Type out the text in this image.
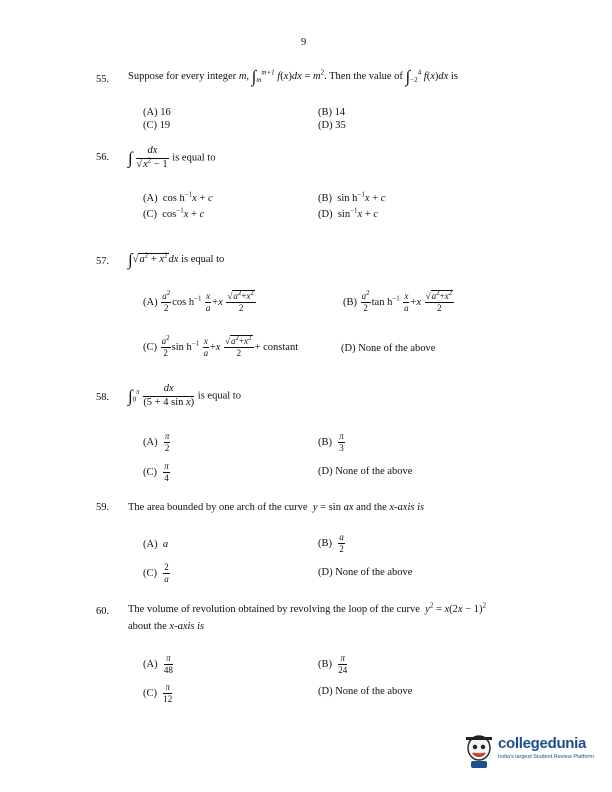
9
55. Suppose for every integer m, $\int_m^{m+1}$ $f(x)dx = m^2$. Then the value of $\int_{-2}^4$ f(x)dx is
(A) 16	(B) 14
(C) 19	(D) 35
56. ∫ $\frac{dx}{√x^2 - 1}$ is equal to
(A) $\cos h^{-1}x + c$	(B) $\sin h^{-1}x + c$
(C) $\cos^{-1}x + c$	(D) $\sin^{-1}x + c$
57. $\int√a^2 + x^2dx$ is equal to
$(A) \frac{a^2}{2}$ $\cos h^{-1} \frac{x}{a} +x \frac{√a^2+x^2}{2}$	$(B) \frac{a^2}{2}$ $\tan h^{-1} \frac{x}{a} +x \frac{√a^2+x^2}{2}$
$(C) \frac{a^2}{2}$ $\sin h^{-1} \frac{x}{a} +x \frac{√a^2+x^2}{2}$ + constant	(D) None of the above
58. $\int_0^\pi \frac{dx}{\text{(5 + 4 sin x)}}$ is equal to
$(A) \frac{\pi}{2}$	$(B) \frac{\pi}{3}$
$(C) \frac{\pi}{4}$	(D) None of the above
59. The area bounded by one arch of the curve y = sin ax and the x-axis is
(A) a	$(B) \frac{a}{2}$
$(C) \frac{2}{a}$	(D) None of the above
60. The volume of revolution obtained by revolving the loop of the curve $y^2 = x(2x - 1)^2$
about the x-axis is
$(A) \frac{\pi}{48}$	$(B) \frac{\pi}{24}$
$(C) \frac{\pi}{12}$	(D) None of the above
collegedunia
India's largest Student Review Platform
